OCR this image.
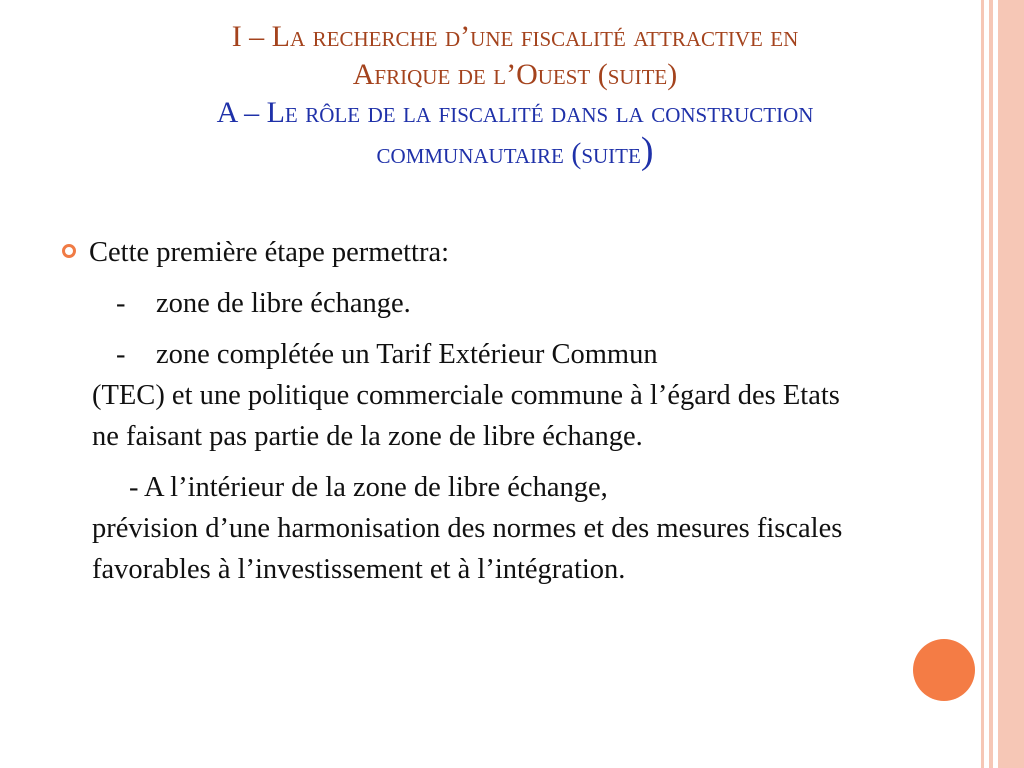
I – La recherche d’une fiscalité attractive en

Afrique de l’Ouest (suite)

A – Le rôle de la fiscalité dans la construction

communautaire (suite)

Cette première étape permettra:
- zone de libre échange.
- zone complétée un Tarif Extérieur Commun
(TEC) et une politique commerciale commune à l’égard des Etats ne faisant pas partie de la zone de libre échange.
- A l’intérieur de la zone de libre échange,
prévision d’une harmonisation des normes et des mesures fiscales favorables à l’investissement et à l’intégration.
